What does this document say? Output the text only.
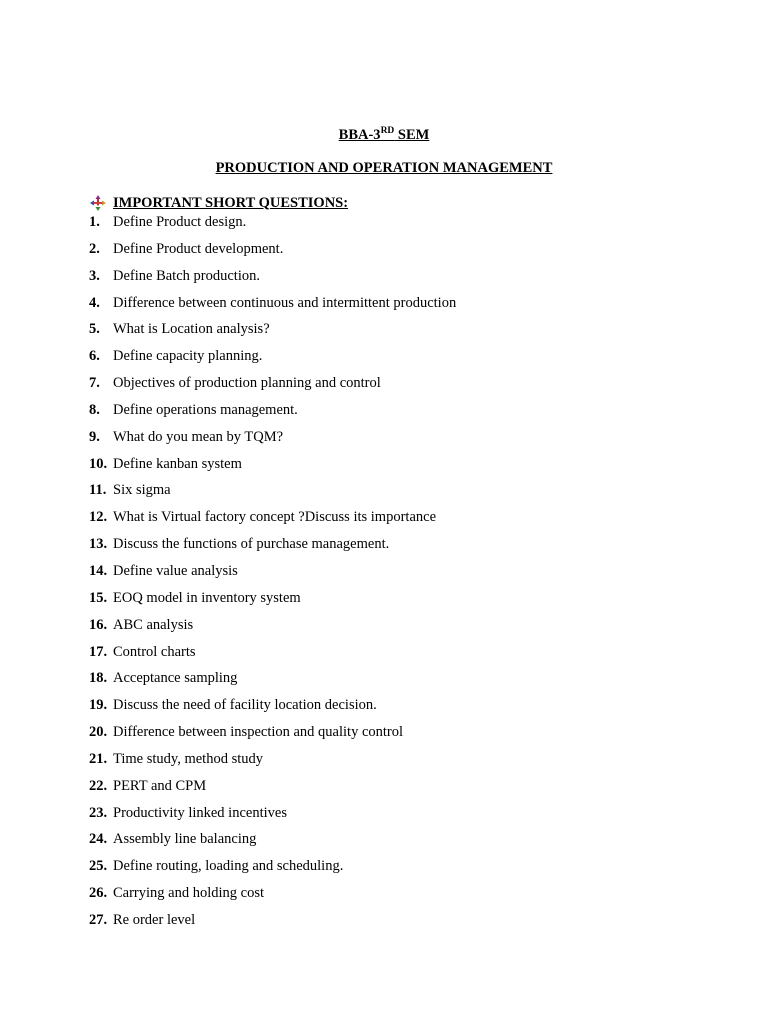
BBA-3RD SEM
PRODUCTION AND OPERATION MANAGEMENT
IMPORTANT SHORT QUESTIONS:
1. Define Product design.
2. Define Product development.
3. Define Batch production.
4. Difference between continuous and intermittent production
5. What is Location analysis?
6. Define capacity planning.
7. Objectives of production planning and control
8. Define operations management.
9. What do you mean by TQM?
10. Define kanban system
11. Six sigma
12. What is Virtual factory concept ?Discuss its importance
13. Discuss the functions of purchase management.
14. Define value analysis
15. EOQ model in inventory system
16. ABC analysis
17. Control charts
18. Acceptance sampling
19. Discuss the need of facility location decision.
20. Difference between inspection and quality control
21. Time study, method study
22. PERT and CPM
23. Productivity linked incentives
24. Assembly line balancing
25. Define routing, loading and scheduling.
26. Carrying and holding cost
27. Re order level
